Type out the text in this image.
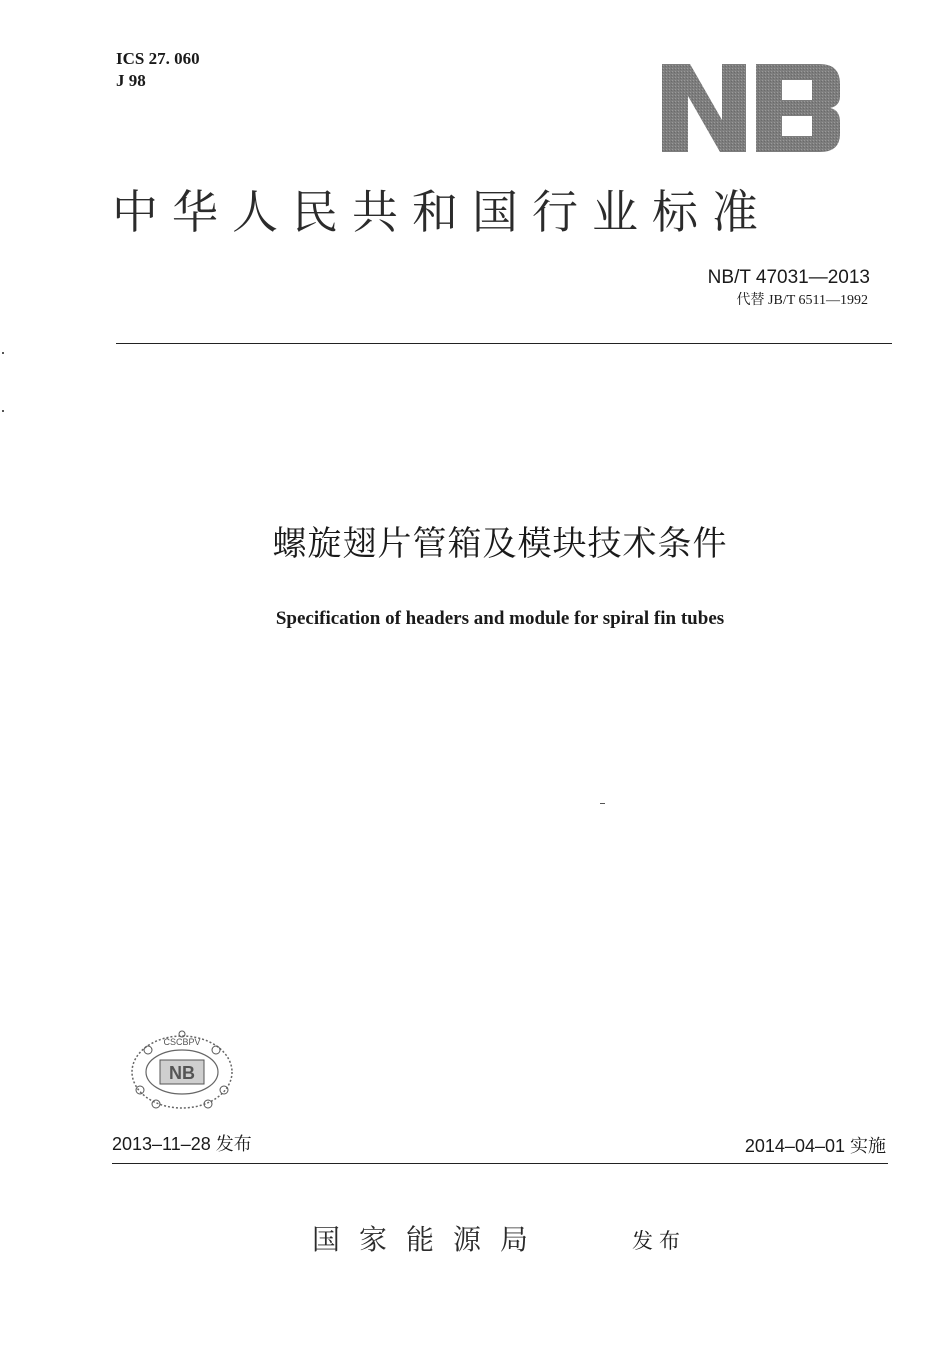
ICS 27. 060
J 98
中华人民共和国行业标准
NB/T 47031—2013
代替 JB/T 6511—1992
螺旋翅片管箱及模块技术条件
Specification of headers and module for spiral fin tubes
NB
CSCBPV
2013–11–28 发布	2014–04–01 实施
国家能源局	发布
